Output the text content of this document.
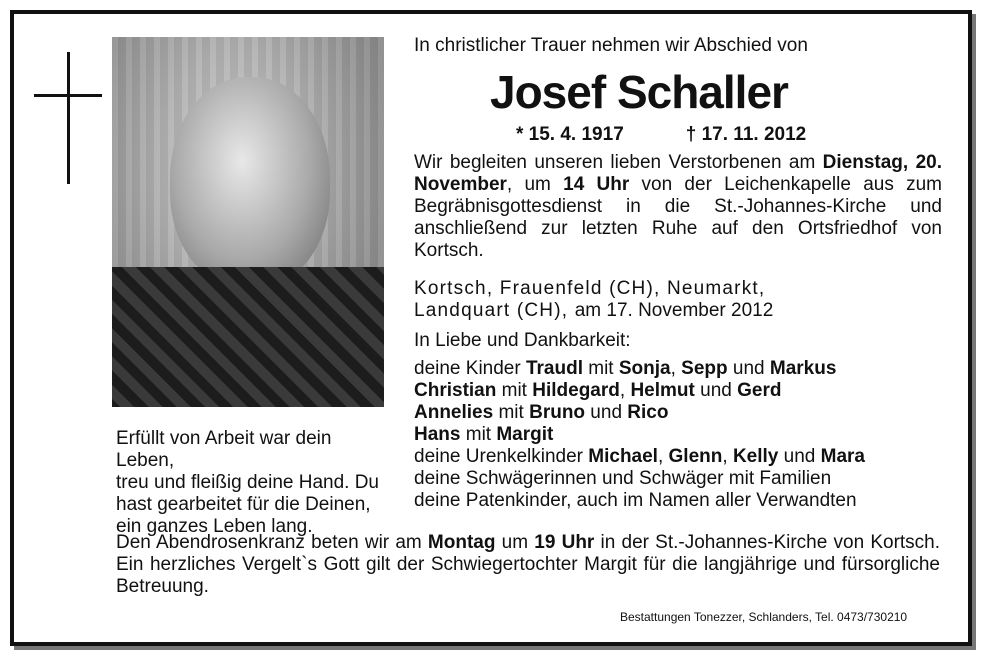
In christlicher Trauer nehmen wir Abschied von

Josef Schaller

* 15. 4. 1917	† 17. 11. 2012

Wir begleiten unseren lieben Verstorbenen am Dienstag, 20. November, um 14 Uhr von der Leichenkapelle aus zum Begräbnisgottesdienst in die St.-Johannes-Kirche und anschließend zur letzten Ruhe auf den Ortsfriedhof von Kortsch.

Kortsch, Frauenfeld (CH), Neumarkt,

Landquart (CH), am 17. November 2012

In Liebe und Dankbarkeit:

deine Kinder Traudl mit Sonja, Sepp und Markus
Christian mit Hildegard, Helmut und Gerd
Annelies mit Bruno und Rico
Hans mit Margit
deine Urenkelkinder Michael, Glenn, Kelly und Mara
deine Schwägerinnen und Schwäger mit Familien
deine Patenkinder, auch im Namen aller Verwandten
Erfüllt von Arbeit war dein Leben,
treu und fleißig deine Hand. Du
hast gearbeitet für die Deinen,
ein ganzes Leben lang.

Den Abendrosenkranz beten wir am Montag um 19 Uhr in der St.-Johannes-Kirche von Kortsch. Ein herzliches Vergelt`s Gott gilt der Schwiegertochter Margit für die langjährige und fürsorgliche Betreuung.

Bestattungen Tonezzer, Schlanders, Tel. 0473/730210
